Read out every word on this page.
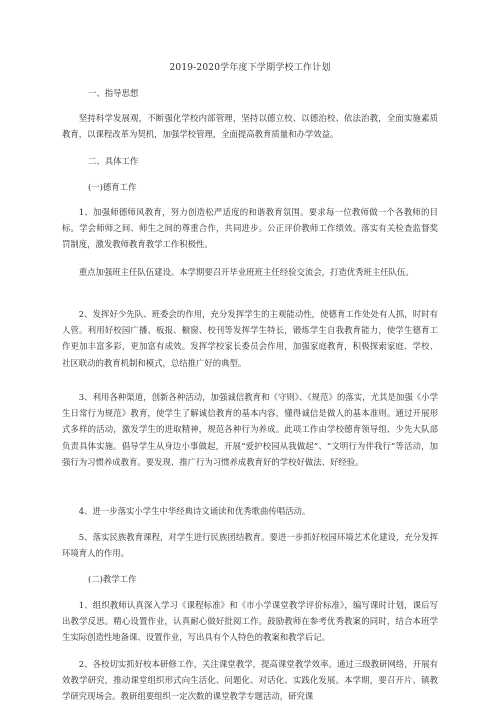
2019-2020学年度下学期学校工作计划
一、指导思想

坚持科学发展观，不断强化学校内部管理，坚持以德立校、以德治校、依法治教，全面实施素质教育，以课程改革为契机，加强学校管理，全面提高教育质量和办学效益。

二、具体工作
(一)德育工作

1、加强师德师风教育，努力创造松严适度的和谐教育氛围。要求每一位教师做一个各教师的目标。学会师师之间、师生之间的尊重合作，共同进步。公正评价教师工作绩效。落实有关检查监督奖罚制度，激发教师教育教学工作积极性。

重点加强班主任队伍建设。本学期要召开毕业班班主任经验交流会，打造优秀班主任队伍。

2、发挥好少先队、班委会的作用，充分发挥学生的主观能动性，使德育工作处处有人抓，时时有人管。利用好校园广播、板报、橱窗、校刊等发挥学生特长，锻炼学生自我教育能力，使学生德育工作更加丰富多彩，更加富有成效。发挥学校家长委员会作用，加强家庭教育，积极探索家庭、学校、社区联动的教育机制和模式，总结推广好的典型。

3、利用各种渠道，创新各种活动，加强诚信教育和《守则》、《规范》的落实，尤其是加强《小学生日常行为规范》教育，使学生了解诚信教育的基本内容，懂得诚信是做人的基本准则。通过开展形式多样的活动，激发学生的进取精神，规范各种行为养成。此项工作由学校德育领导组、少先大队部负责具体实施。倡导学生从身边小事做起，开展“爱护校园从我做起”、“文明行为伴我行”等活动，加强行为习惯养成教育。要发现、推广行为习惯养成教育好的学校好做法、好经验。

4、进一步落实小学生中华经典诗文诵读和优秀歌曲传唱活动。

5、落实民族教育课程，对学生进行民族团结教育。要进一步抓好校园环境艺术化建设，充分发挥环境育人的作用。

(二)教学工作

1、组织教师认真深入学习《课程标准》和《市小学课堂教学评价标准》，编写课时计划，课后写出教学反思。精心设置作业，认真耐心做好批阅工作。鼓励教师在参考优秀教案的同时，结合本班学生实际创造性地备课、设置作业，写出具有个人特色的教案和教学后记。

2、各校切实抓好校本研修工作，关注课堂教学，提高课堂教学效率。通过三级教研网络，开展有效教学研究，推动课堂组织形式向生活化、问题化、对话化、实践化发展。本学期，要召开片、镇教学研究现场会。教研组要组织一定次数的课堂教学专题活动，研究课
